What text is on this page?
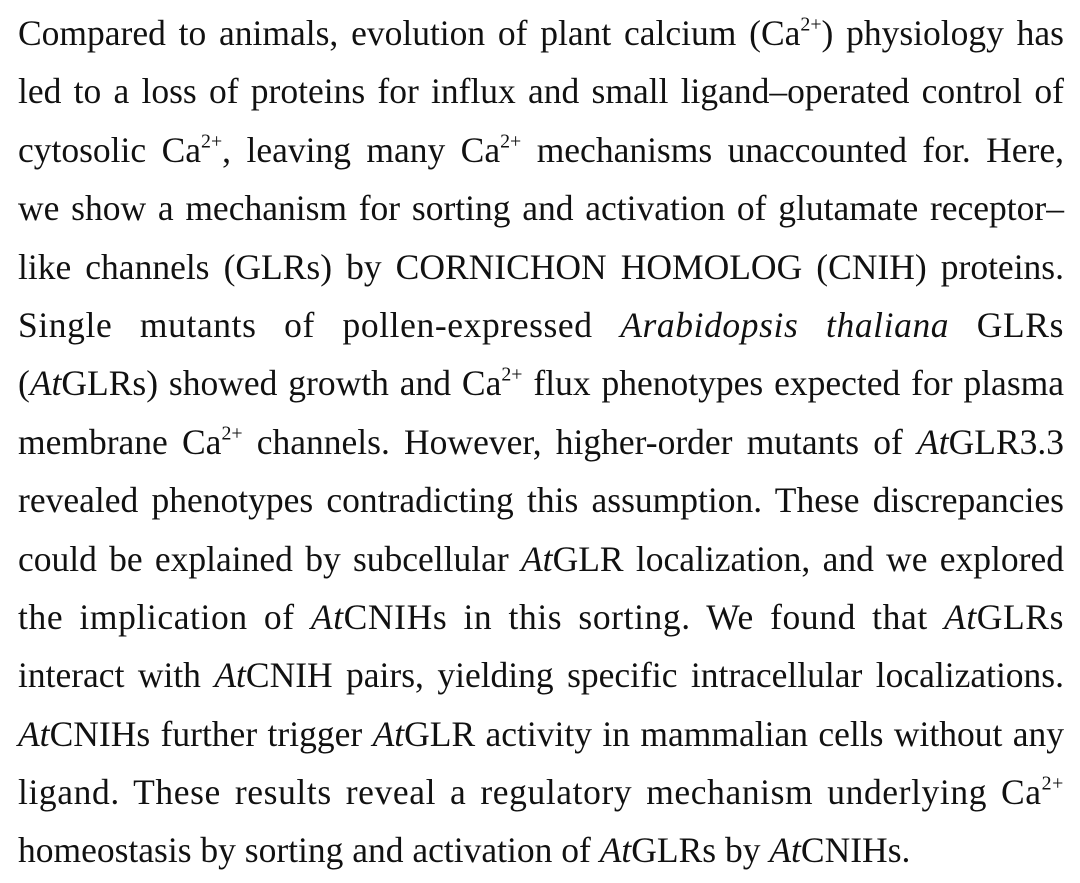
Compared to animals, evolution of plant calcium $(Ca^{2+})$ physiology has
led to a loss of proteins for influx and small ligand–operated control of
cytosolic $Ca^{2+}$, leaving many $Ca^{2+}$ mechanisms unaccounted for. Here,
we show a mechanism for sorting and activation of glutamate receptor–
like channels (GLRs) by CORNICHON HOMOLOG (CNIH) proteins.
Single mutants of pollen-expressed Arabidopsis thaliana GLRs
(AtGLRs) showed growth and $Ca^{2+}$ flux phenotypes expected for plasma
membrane $Ca^{2+}$ channels. However, higher-order mutants of AtGLR3.3
revealed phenotypes contradicting this assumption. These discrepancies
could be explained by subcellular AtGLR localization, and we explored
the implication of AtCNIHs in this sorting. We found that AtGLRs
interact with AtCNIH pairs, yielding specific intracellular localizations.
AtCNIHs further trigger AtGLR activity in mammalian cells without any
ligand. These results reveal a regulatory mechanism underlying $Ca^{2+}$
homeostasis by sorting and activation of AtGLRs by AtCNIHs.
